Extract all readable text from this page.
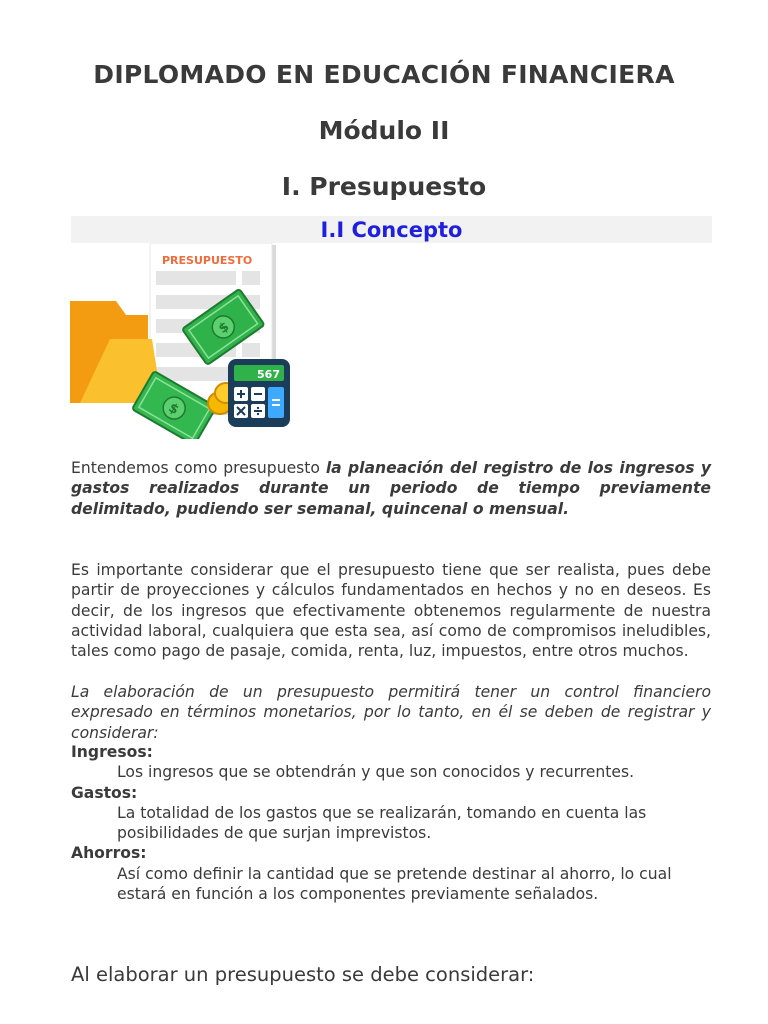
DIPLOMADO EN EDUCACIÓN FINANCIERA
Módulo II
I. Presupuesto
I.I Concepto
PRESUPUESTO
$
$
567
Entendemos como presupuesto la planeación del registro de los ingresos y gastos realizados durante un periodo de tiempo previamente delimitado, pudiendo ser semanal, quincenal o mensual.
Es importante considerar que el presupuesto tiene que ser realista, pues debe partir de proyecciones y cálculos fundamentados en hechos y no en deseos. Es decir, de los ingresos que efectivamente obtenemos regularmente de nuestra actividad laboral, cualquiera que esta sea, así como de compromisos ineludibles, tales como pago de pasaje, comida, renta, luz, impuestos, entre otros muchos.
La elaboración de un presupuesto permitirá tener un control financiero expresado en términos monetarios, por lo tanto, en él se deben de registrar y considerar:
Ingresos:
Los ingresos que se obtendrán y que son conocidos y recurrentes.
Gastos:
La totalidad de los gastos que se realizarán, tomando en cuenta las posibilidades de que surjan imprevistos.
Ahorros:
Así como definir la cantidad que se pretende destinar al ahorro, lo cual estará en función a los componentes previamente señalados.
Al elaborar un presupuesto se debe considerar:
